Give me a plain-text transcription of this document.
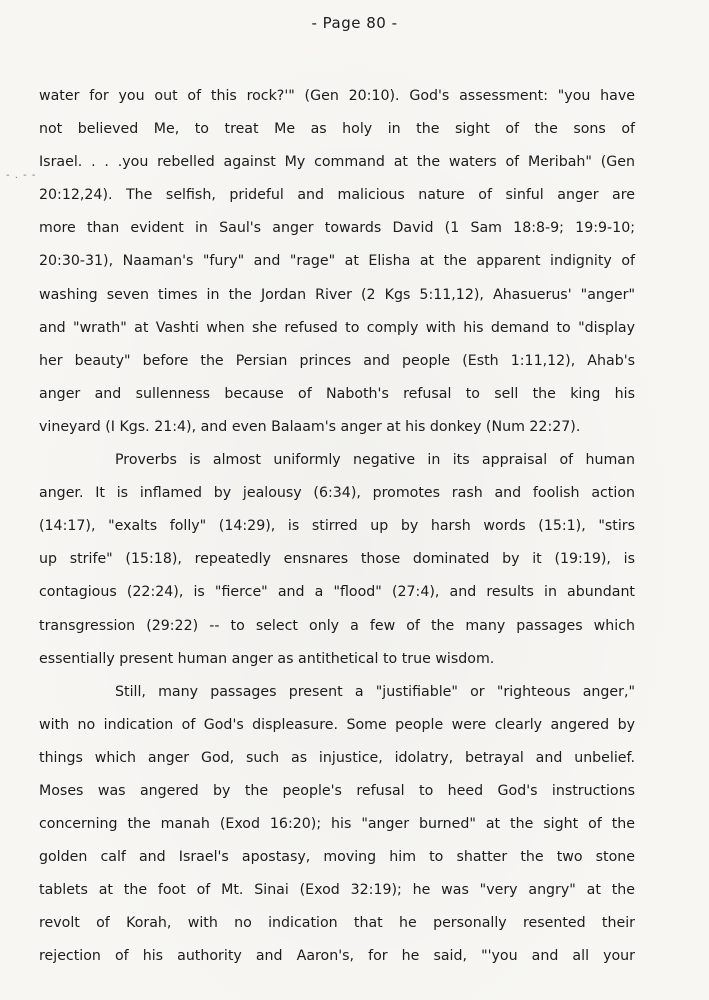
- Page 80 -
- . - -
water for you out of this rock?'" (Gen 20:10). God's assessment: "you have
not believed Me, to treat Me as holy in the sight of the sons of
Israel. . . .you rebelled against My command at the waters of Meribah" (Gen
20:12,24). The selfish, prideful and malicious nature of sinful anger are
more than evident in Saul's anger towards David (1 Sam 18:8-9; 19:9-10;
20:30-31), Naaman's "fury" and "rage" at Elisha at the apparent indignity of
washing seven times in the Jordan River (2 Kgs 5:11,12), Ahasuerus' "anger"
and "wrath" at Vashti when she refused to comply with his demand to "display
her beauty" before the Persian princes and people (Esth 1:11,12), Ahab's
anger and sullenness because of Naboth's refusal to sell the king his
vineyard (I Kgs. 21:4), and even Balaam's anger at his donkey (Num 22:27).
Proverbs is almost uniformly negative in its appraisal of human
anger. It is inflamed by jealousy (6:34), promotes rash and foolish action
(14:17), "exalts folly" (14:29), is stirred up by harsh words (15:1), "stirs
up strife" (15:18), repeatedly ensnares those dominated by it (19:19), is
contagious (22:24), is "fierce" and a "flood" (27:4), and results in abundant
transgression (29:22) -- to select only a few of the many passages which
essentially present human anger as antithetical to true wisdom.
Still, many passages present a "justifiable" or "righteous anger,"
with no indication of God's displeasure. Some people were clearly angered by
things which anger God, such as injustice, idolatry, betrayal and unbelief.
Moses was angered by the people's refusal to heed God's instructions
concerning the manah (Exod 16:20); his "anger burned" at the sight of the
golden calf and Israel's apostasy, moving him to shatter the two stone
tablets at the foot of Mt. Sinai (Exod 32:19); he was "very angry" at the
revolt of Korah, with no indication that he personally resented their
rejection of his authority and Aaron's, for he said, "'you and all your
